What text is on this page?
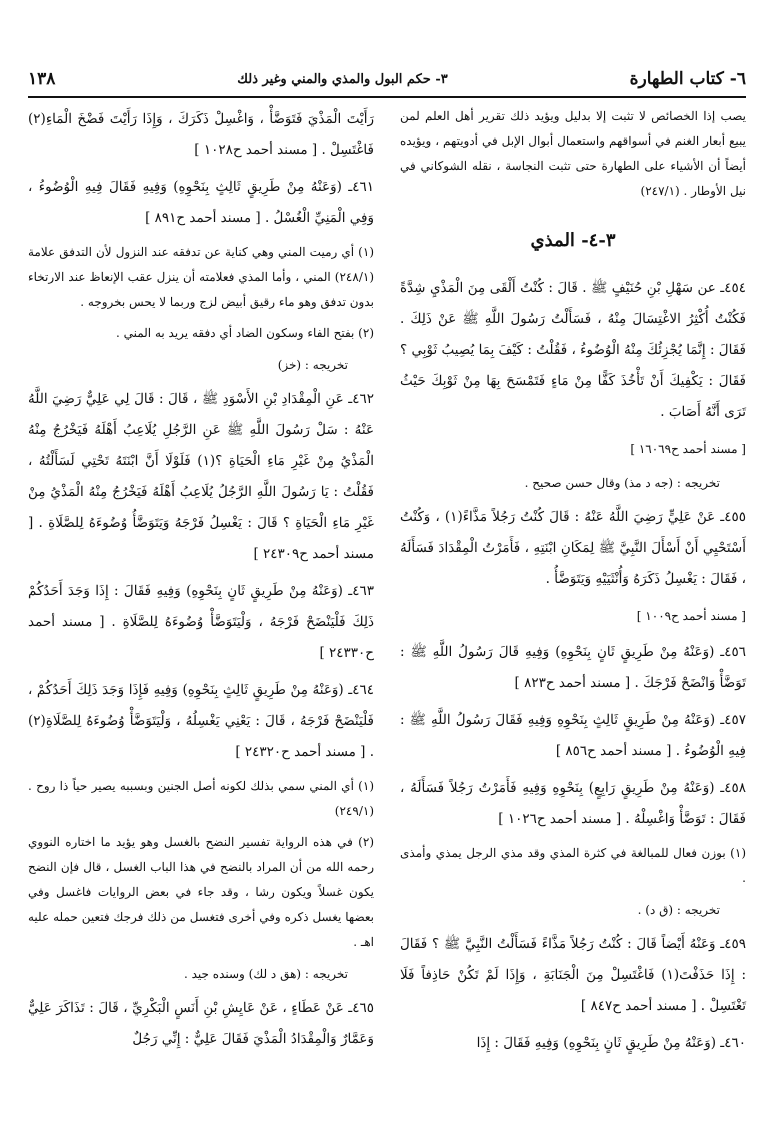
٦- كتاب الطهارة
٣- حكم البول والمذي والمني وغير ذلك
١٣٨

يصب إذا الخصائص لا تثبت إلا بدليل ويؤيد ذلك تقرير أهل العلم لمن يبيع أبعار الغنم في أسواقهم واستعمال أبوال الإبل في أدويتهم ، ويؤيده أيضاً أن الأشياء على الطهارة حتى تثبت النجاسة ، نقله الشوكاني في نيل الأوطار . (٢٤٧/١)

٣-٤- المذي

٤٥٤ـ عن سَهْلِ بْنِ حُنَيْفٍ ﷺ . قَالَ : كُنْتُ أَلْقَى مِنَ الْمَذْيِ شِدَّةً فَكُنْتُ أُكْثِرُ الاغْتِسَالَ مِنْهُ ، فَسَأَلْتُ رَسُولَ اللَّهِ ﷺ عَنْ ذَلِكَ . فَقَالَ : إِنَّمَا يُجْزِئُكَ مِنْهُ الْوُضُوءُ ، فَقُلْتُ : كَيْفَ بِمَا يُصِيبُ ثَوْبِي ؟ فَقَالَ : يَكْفِيكَ أَنْ تَأْخُذَ كَفًّا مِنْ مَاءٍ فَتَمْسَحَ بِهَا مِنْ ثَوْبِكَ حَيْثُ تَرَى أَنَّهُ أَصَابَ .

[ مسند أحمد ح١٦٠٦٩ ]

تخريجه : (جه د مذ) وقال حسن صحيح .

٤٥٥ـ عَنْ عَلِيٍّ رَضِيَ اللَّهُ عَنْهُ : قَالَ كُنْتُ رَجُلاً مَذَّاءً(١) ، وَكُنْتُ أَسْتَحْيِي أَنْ أَسْأَلَ النَّبِيَّ ﷺ لِمَكَانِ ابْنَتِهِ ، فَأَمَرْتُ الْمِقْدَادَ فَسَأَلَهُ ، فَقَالَ : يَغْسِلُ ذَكَرَهُ وَأُنْثَيَيْهِ وَيَتَوَضَّأُ .

[ مسند أحمد ح١٠٠٩ ]

٤٥٦ـ (وَعَنْهُ مِنْ طَرِيقٍ ثَانٍ بِنَحْوِهِ) وَفِيهِ قَالَ رَسُولُ اللَّهِ ﷺ : تَوَضَّأْ وَانْضَحْ فَرْجَكَ . [ مسند أحمد ح٨٢٣ ]

٤٥٧ـ (وَعَنْهُ مِنْ طَرِيقٍ ثَالِثٍ بِنَحْوِهِ وَفِيهِ فَقَالَ رَسُولُ اللَّهِ ﷺ : فِيهِ الْوُضُوءُ . [ مسند أحمد ح٨٥٦ ]

٤٥٨ـ (وَعَنْهُ مِنْ طَرِيقٍ رَابِعٍ) بِنَحْوِهِ وَفِيهِ فَأَمَرْتُ رَجُلاً فَسَأَلَهُ ، فَقَالَ : تَوَضَّأْ وَاغْسِلْهُ . [ مسند أحمد ح١٠٢٦ ]

(١) بوزن فعال للمبالغة في كثرة المذي وقد مذي الرجل يمذي وأمذى .

تخريجه : (ق د) .

٤٥٩ـ وَعَنْهُ أَيْضاً قَالَ : كُنْتُ رَجُلاً مَذَّاءً فَسَأَلْتُ النَّبِيَّ ﷺ ؟ فَقَالَ : إِذَا حَذَفْتَ(١) فَاغْتَسِلْ مِنَ الْجَنَابَةِ ، وَإِذَا لَمْ تَكُنْ حَاذِفاً فَلَا تَغْتَسِلْ . [ مسند أحمد ح٨٤٧ ]

٤٦٠ـ (وَعَنْهُ مِنْ طَرِيقٍ ثَانٍ بِنَحْوِهِ) وَفِيهِ فَقَالَ : إِذَا

رَأَيْتَ الْمَذْيَ فَتَوَضَّأْ ، وَاغْسِلْ ذَكَرَكَ ، وَإِذَا رَأَيْتَ فَضْخَ الْمَاءِ(٢) فَاغْتَسِلْ . [ مسند أحمد ح١٠٢٨ ]

٤٦١ـ (وَعَنْهُ مِنْ طَرِيقٍ ثَالِثٍ بِنَحْوِهِ) وَفِيهِ فَقَالَ فِيهِ الْوُضُوءُ ، وَفِي الْمَنِيِّ الْغُسْلُ . [ مسند أحمد ح٨٩١ ]

(١) أي رميت المني وهي كناية عن تدفقه عند النزول لأن التدفق علامة (٢٤٨/١) المني ، وأما المذي فعلامته أن ينزل عقب الإنعاظ عند الارتخاء بدون تدفق وهو ماء رقيق أبيض لزج وربما لا يحس بخروجه .

(٢) بفتح الفاء وسكون الضاد أي دفقه يريد به المني .

تخريجه : (خز)

٤٦٢ـ عَنِ الْمِقْدَادِ بْنِ الأَسْوَدِ ﷺ ، قَالَ : قَالَ لِي عَلِيٌّ رَضِيَ اللَّهُ عَنْهُ : سَلْ رَسُولَ اللَّهِ ﷺ عَنِ الرَّجُلِ يُلَاعِبُ أَهْلَهُ فَيَخْرُجُ مِنْهُ الْمَذْيُ مِنْ غَيْرِ مَاءِ الْحَيَاةِ ؟(١) فَلَوْلَا أَنَّ ابْنَتَهُ تَحْتِي لَسَأَلْتُهُ ، فَقُلْتُ : يَا رَسُولَ اللَّهِ الرَّجُلُ يُلَاعِبُ أَهْلَهُ فَيَخْرُجُ مِنْهُ الْمَذْيُ مِنْ غَيْرِ مَاءِ الْحَيَاةِ ؟ قَالَ : يَغْسِلُ فَرْجَهُ وَيَتَوَضَّأُ وُضُوءَهُ لِلصَّلَاةِ . [ مسند أحمد ح٢٤٣٠٩ ]

٤٦٣ـ (وَعَنْهُ مِنْ طَرِيقٍ ثَانٍ بِنَحْوِهِ) وَفِيهِ فَقَالَ : إِذَا وَجَدَ أَحَدُكُمْ ذَلِكَ فَلْيَنْضَحْ فَرْجَهُ ، وَلْيَتَوَضَّأْ وُضُوءَهُ لِلصَّلَاةِ . [ مسند أحمد ح٢٤٣٣٠ ]

٤٦٤ـ (وَعَنْهُ مِنْ طَرِيقٍ ثَالِثٍ بِنَحْوِهِ) وَفِيهِ فَإِذَا وَجَدَ ذَلِكَ أَحَدُكُمْ ، فَلْيَنْضَحْ فَرْجَهُ ، قَالَ : يَعْنِي يَغْسِلُهُ ، وَلْيَتَوَضَّأْ وُضُوءَهُ لِلصَّلَاةِ(٢) . [ مسند أحمد ح٢٤٣٢٠ ]

(١) أي المني سمي بذلك لكونه أصل الجنين وبسببه يصير حياً ذا روح . (٢٤٩/١)

(٢) في هذه الرواية تفسير النضح بالغسل وهو يؤيد ما اختاره النووي رحمه الله من أن المراد بالنضح في هذا الباب الغسل ، قال فإن النضح يكون غسلاً ويكون رشا ، وقد جاء في بعض الروايات فاغسل وفي بعضها يغسل ذكره وفي أخرى فتغسل من ذلك فرجك فتعين حمله عليه اهـ .

تخريجه : (هق د لك) وسنده جيد .

٤٦٥ـ عَنْ عَطَاءٍ ، عَنْ عَايِشِ بْنِ أَنَسٍ الْبَكْرِيِّ ، قَالَ : تَذَاكَرَ عَلِيٌّ وَعَمَّارٌ وَالْمِقْدَادُ الْمَذْيَ فَقَالَ عَلِيٌّ : إِنِّي رَجُلٌ
